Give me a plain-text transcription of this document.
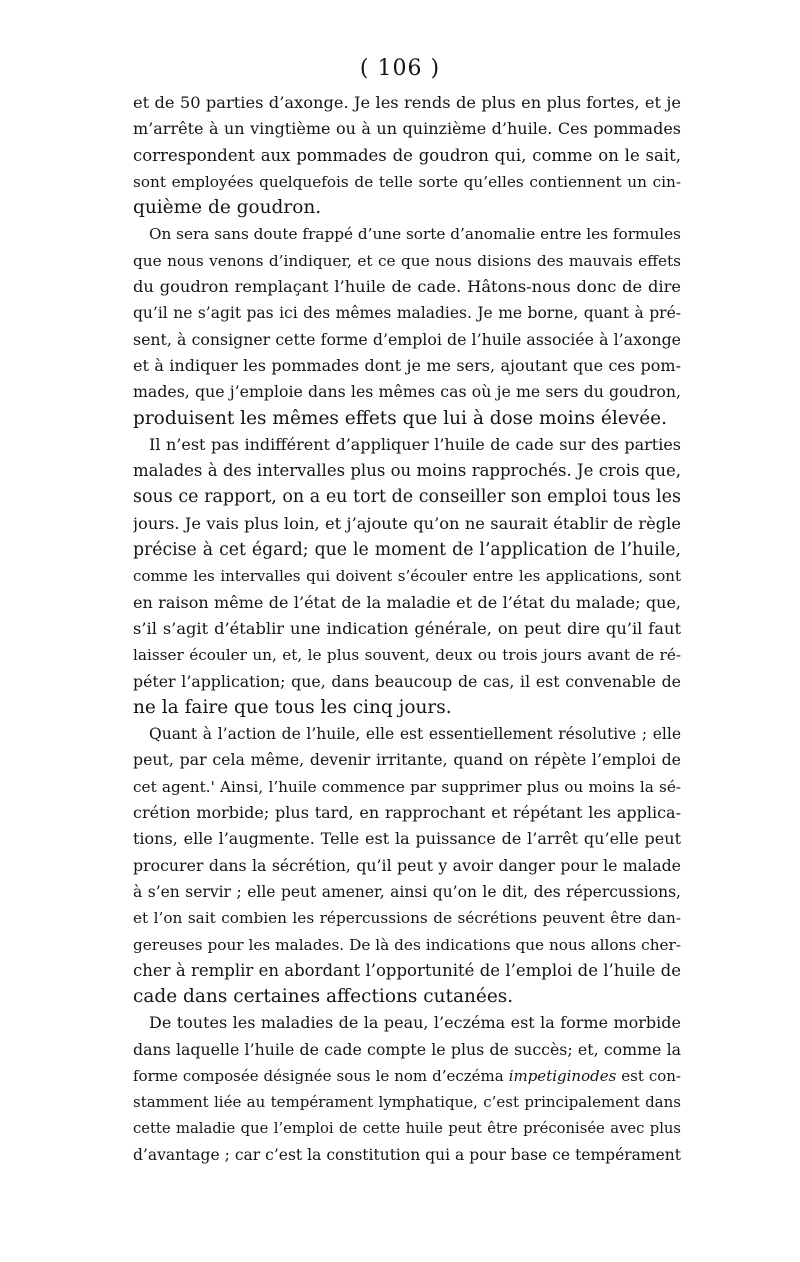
( 106 )
et de 50 parties d’axonge. Je les rends de plus en plus fortes, et je
m’arrête à un vingtième ou à un quinzième d’huile. Ces pommades
correspondent aux pommades de goudron qui, comme on le sait,
sont employées quelquefois de telle sorte qu’elles contiennent un cin-
quième de goudron.
On sera sans doute frappé d’une sorte d’anomalie entre les formules
que nous venons d’indiquer, et ce que nous disions des mauvais effets
du goudron remplaçant l’huile de cade. Hâtons-nous donc de dire
qu’il ne s’agit pas ici des mêmes maladies. Je me borne, quant à pré-
sent, à consigner cette forme d’emploi de l’huile associée à l’axonge
et à indiquer les pommades dont je me sers, ajoutant que ces pom-
mades, que j’emploie dans les mêmes cas où je me sers du goudron,
produisent les mêmes effets que lui à dose moins élevée.
Il n’est pas indifférent d’appliquer l’huile de cade sur des parties
malades à des intervalles plus ou moins rapprochés. Je crois que,
sous ce rapport, on a eu tort de conseiller son emploi tous les
jours. Je vais plus loin, et j’ajoute qu’on ne saurait établir de règle
précise à cet égard; que le moment de l’application de l’huile,
comme les intervalles qui doivent s’écouler entre les applications, sont
en raison même de l’état de la maladie et de l’état du malade; que,
s’il s’agit d’établir une indication générale, on peut dire qu’il faut
laisser écouler un, et, le plus souvent, deux ou trois jours avant de ré-
péter l’application; que, dans beaucoup de cas, il est convenable de
ne la faire que tous les cinq jours.
Quant à l’action de l’huile, elle est essentiellement résolutive ; elle
peut, par cela même, devenir irritante, quand on répète l’emploi de
cet agent.' Ainsi, l’huile commence par supprimer plus ou moins la sé-
crétion morbide; plus tard, en rapprochant et répétant les applica-
tions, elle l’augmente. Telle est la puissance de l’arrêt qu’elle peut
procurer dans la sécrétion, qu’il peut y avoir danger pour le malade
à s’en servir ; elle peut amener, ainsi qu’on le dit, des répercussions,
et l’on sait combien les répercussions de sécrétions peuvent être dan-
gereuses pour les malades. De là des indications que nous allons cher-
cher à remplir en abordant l’opportunité de l’emploi de l’huile de
cade dans certaines affections cutanées.
De toutes les maladies de la peau, l’eczéma est la forme morbide
dans laquelle l’huile de cade compte le plus de succès; et, comme la
forme composée désignée sous le nom d’eczéma impetiginodes est con-
stamment liée au tempérament lymphatique, c’est principalement dans
cette maladie que l’emploi de cette huile peut être préconisée avec plus
d’avantage ; car c’est la constitution qui a pour base ce tempérament
